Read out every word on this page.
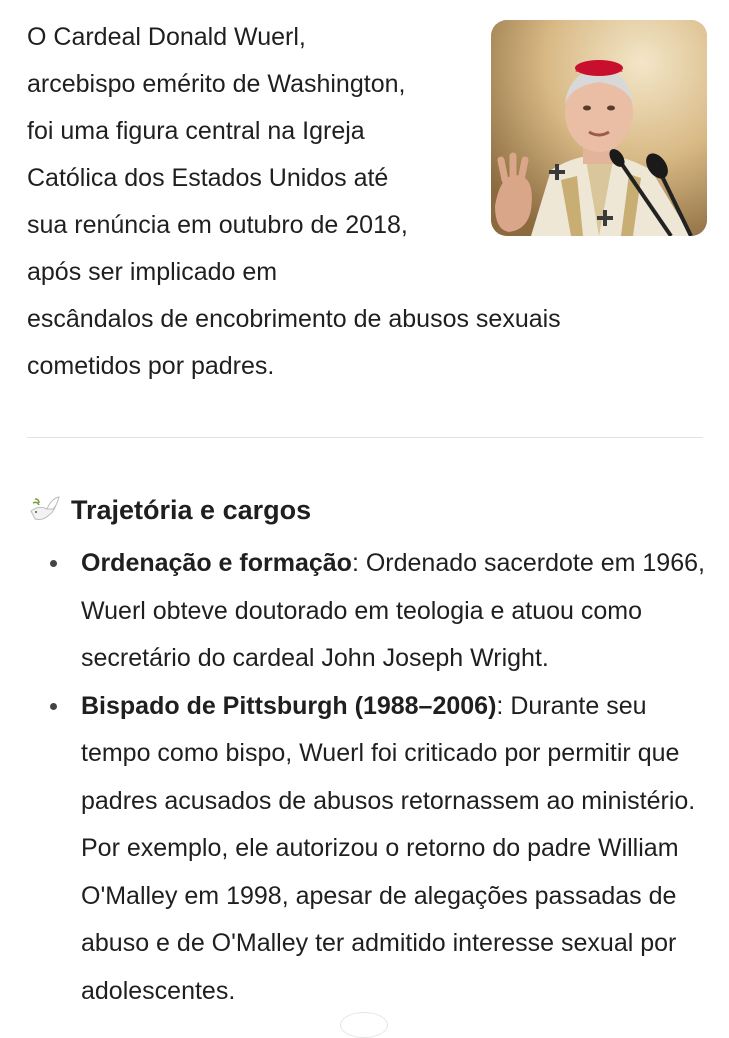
O Cardeal Donald Wuerl,
arcebispo emérito de Washington,
foi uma figura central na Igreja
Católica dos Estados Unidos até
sua renúncia em outubro de 2018,
após ser implicado em
escândalos de encobrimento de abusos sexuais
cometidos por padres.
Trajetória e cargos
Ordenação e formação: Ordenado sacerdote em 1966, Wuerl obteve doutorado em teologia e atuou como secretário do cardeal John Joseph Wright.
Bispado de Pittsburgh (1988–2006): Durante seu tempo como bispo, Wuerl foi criticado por permitir que padres acusados de abusos retornassem ao ministério. Por exemplo, ele autorizou o retorno do padre William O'Malley em 1998, apesar de alegações passadas de abuso e de O'Malley ter admitido interesse sexual por adolescentes.
